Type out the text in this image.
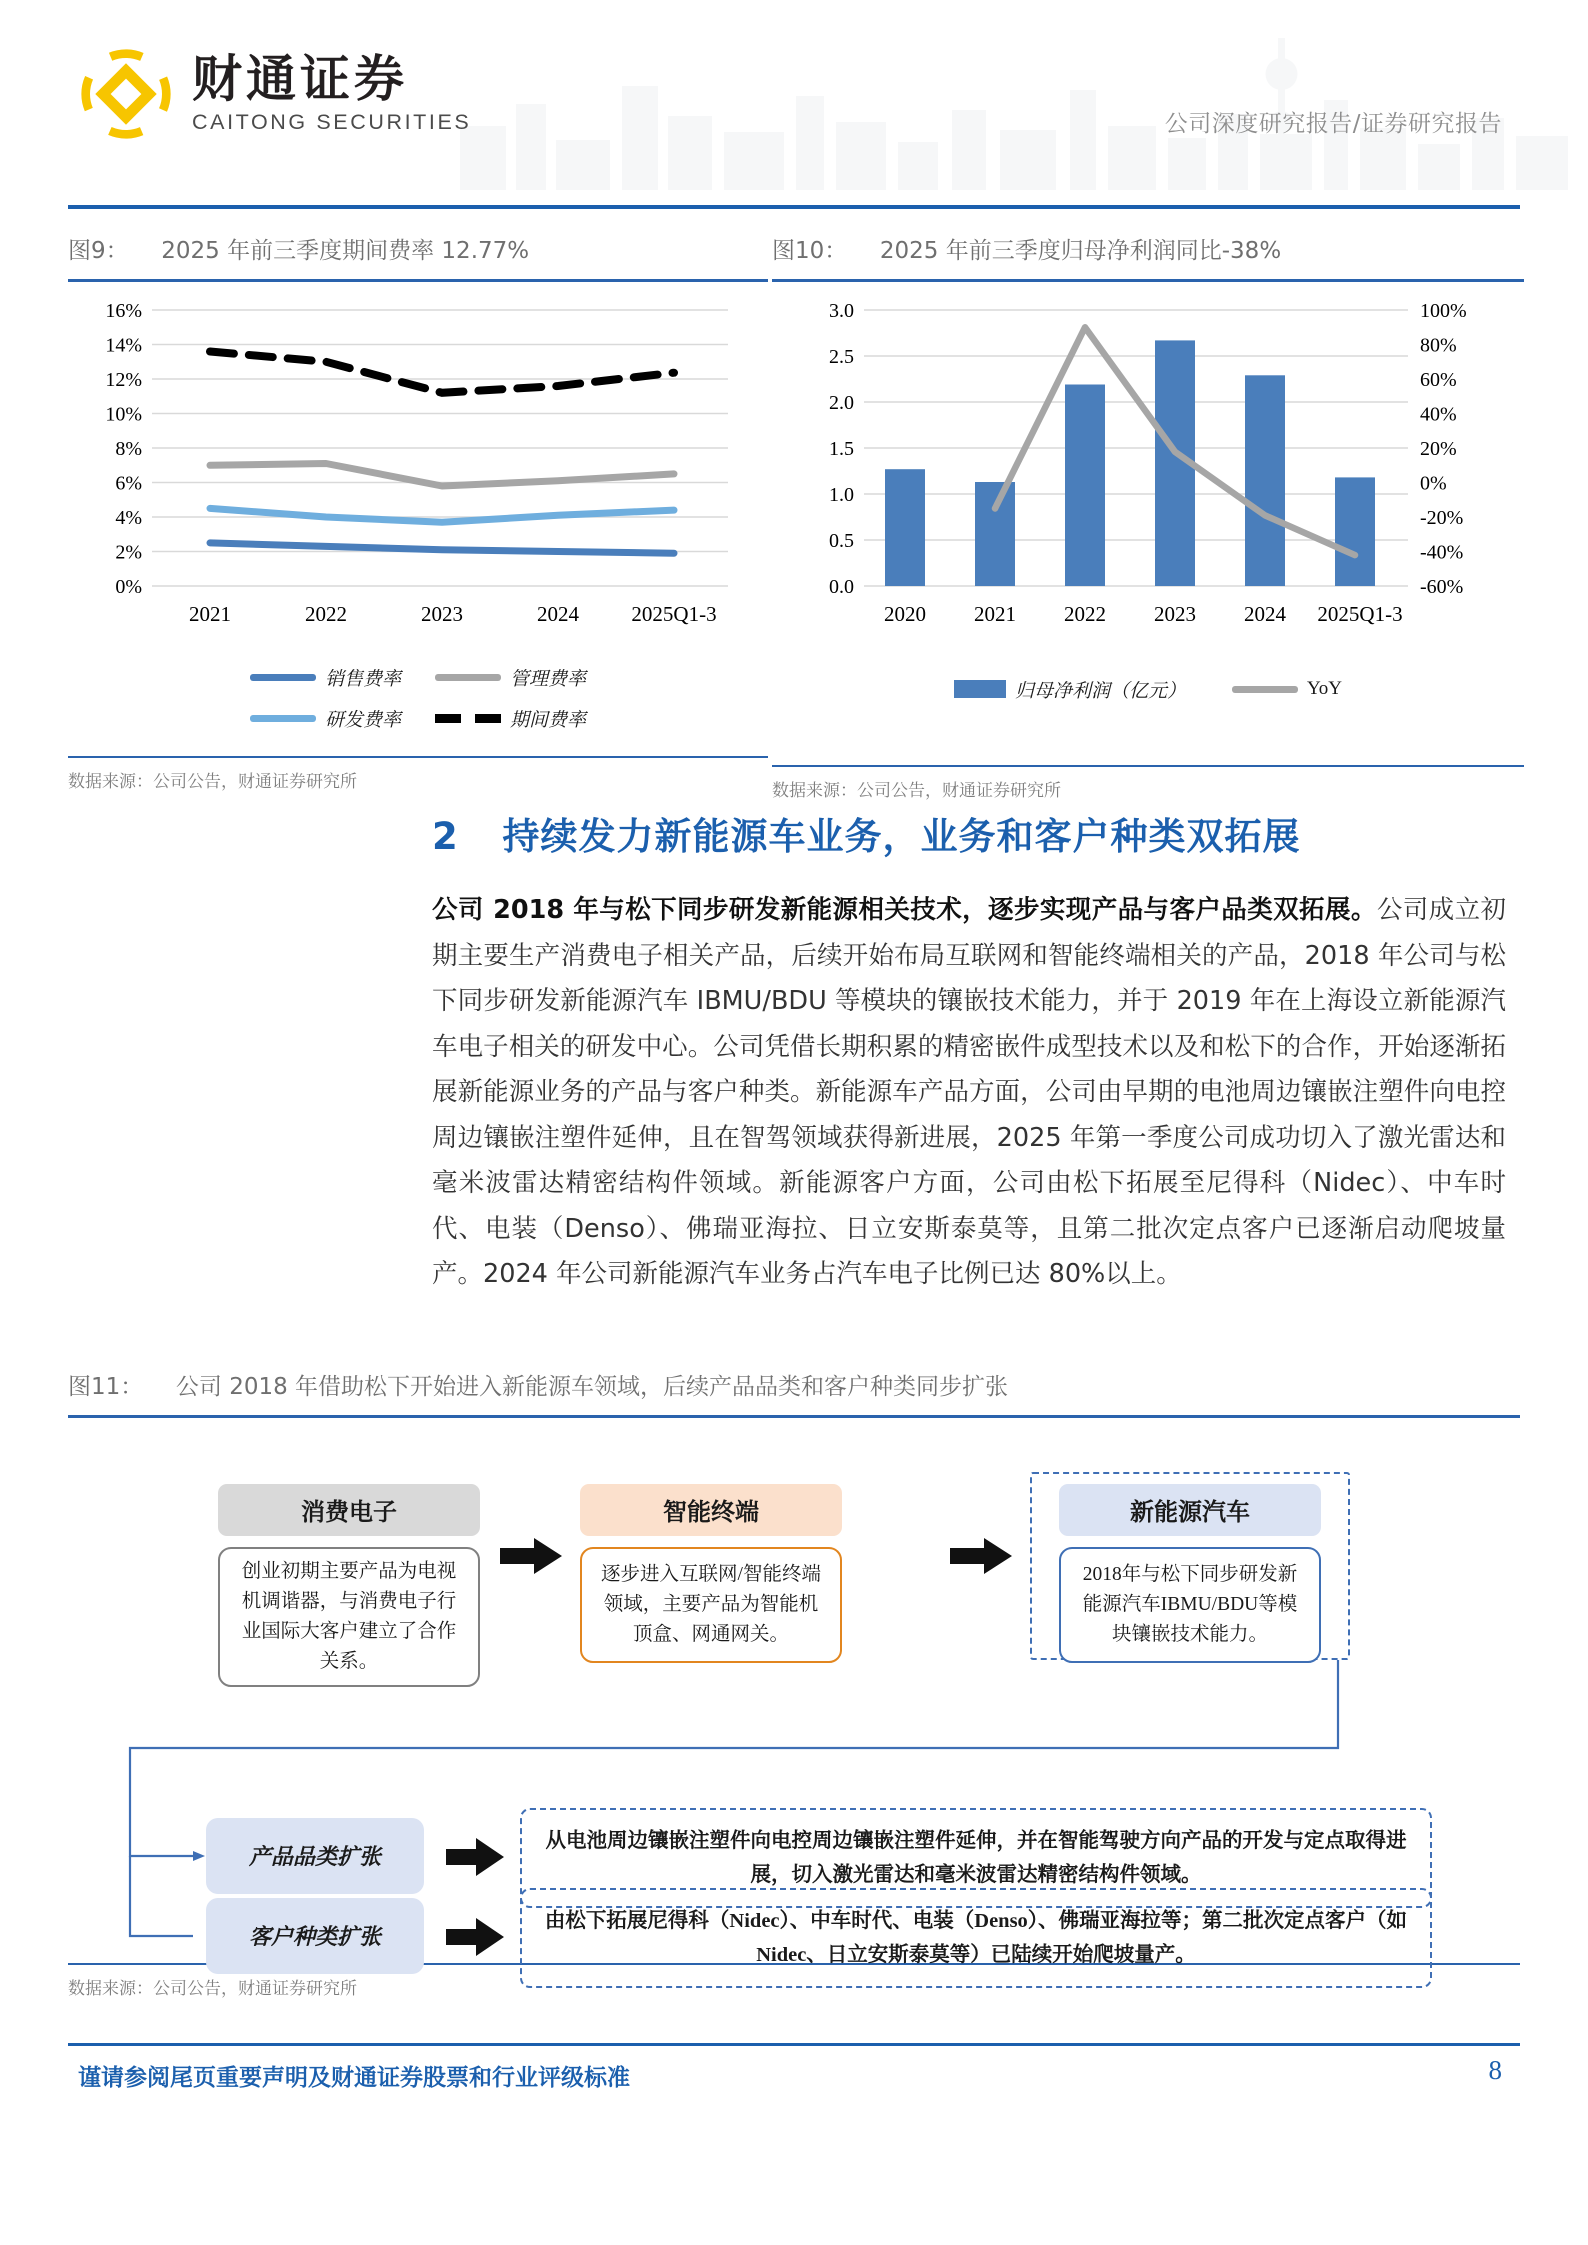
财通证券
CAITONG SECURITIES	公司深度研究报告/证券研究报告
图9： 2025 年前三季度期间费率 12.77%
16%
14%
12%
10%
8%
6%
4%
2%
0%
2021	2022	2023	2024 2025Q1-3
销售费率	管理费率
研发费率	期间费率
数据来源：公司公告，财通证券研究所
图10： 2025 年前三季度归母净利润同比-38%
3.0
2.5
2.0
1.5
1.0
0.5
0.0
100%
80%
60%
40%
20%
0%
-20%
-40%
-60%
2020 2021 2022 2023 2024 2025Q1-3
归母净利润（亿元）	YoY
数据来源：公司公告，财通证券研究所
2 持续发力新能源车业务，业务和客户种类双拓展
公司 2018 年与松下同步研发新能源相关技术，逐步实现产品与客户品类双拓展。公司成立初期主要生产消费电子相关产品，后续开始布局互联网和智能终端相关的产品，2018 年公司与松下同步研发新能源汽车 IBMU/BDU 等模块的镶嵌技术能力，并于 2019 年在上海设立新能源汽车电子相关的研发中心。公司凭借长期积累的精密嵌件成型技术以及和松下的合作，开始逐渐拓展新能源业务的产品与客户种类。新能源车产品方面，公司由早期的电池周边镶嵌注塑件向电控周边镶嵌注塑件延伸，且在智驾领域获得新进展，2025 年第一季度公司成功切入了激光雷达和毫米波雷达精密结构件领域。新能源客户方面，公司由松下拓展至尼得科（Nidec）、中车时代、电装（Denso）、佛瑞亚海拉、日立安斯泰莫等，且第二批次定点客户已逐渐启动爬坡量产。2024 年公司新能源汽车业务占汽车电子比例已达 80%以上。
图11： 公司 2018 年借助松下开始进入新能源车领域，后续产品品类和客户种类同步扩张
消费电子
创业初期主要产品为电视机调谐器，与消费电子行业国际大客户建立了合作关系。
智能终端
逐步进入互联网/智能终端领域，主要产品为智能机顶盒、网通网关。
新能源汽车
2018年与松下同步研发新能源汽车IBMU/BDU等模块镶嵌技术能力。
产品品类扩张
从电池周边镶嵌注塑件向电控周边镶嵌注塑件延伸，并在智能驾驶方向产品的开发与定点取得进展，切入激光雷达和毫米波雷达精密结构件领域。
客户种类扩张
由松下拓展尼得科（Nidec）、中车时代、电装（Denso）、佛瑞亚海拉等；第二批次定点客户（如Nidec、日立安斯泰莫等）已陆续开始爬坡量产。
数据来源：公司公告，财通证券研究所
谨请参阅尾页重要声明及财通证券股票和行业评级标准	8
